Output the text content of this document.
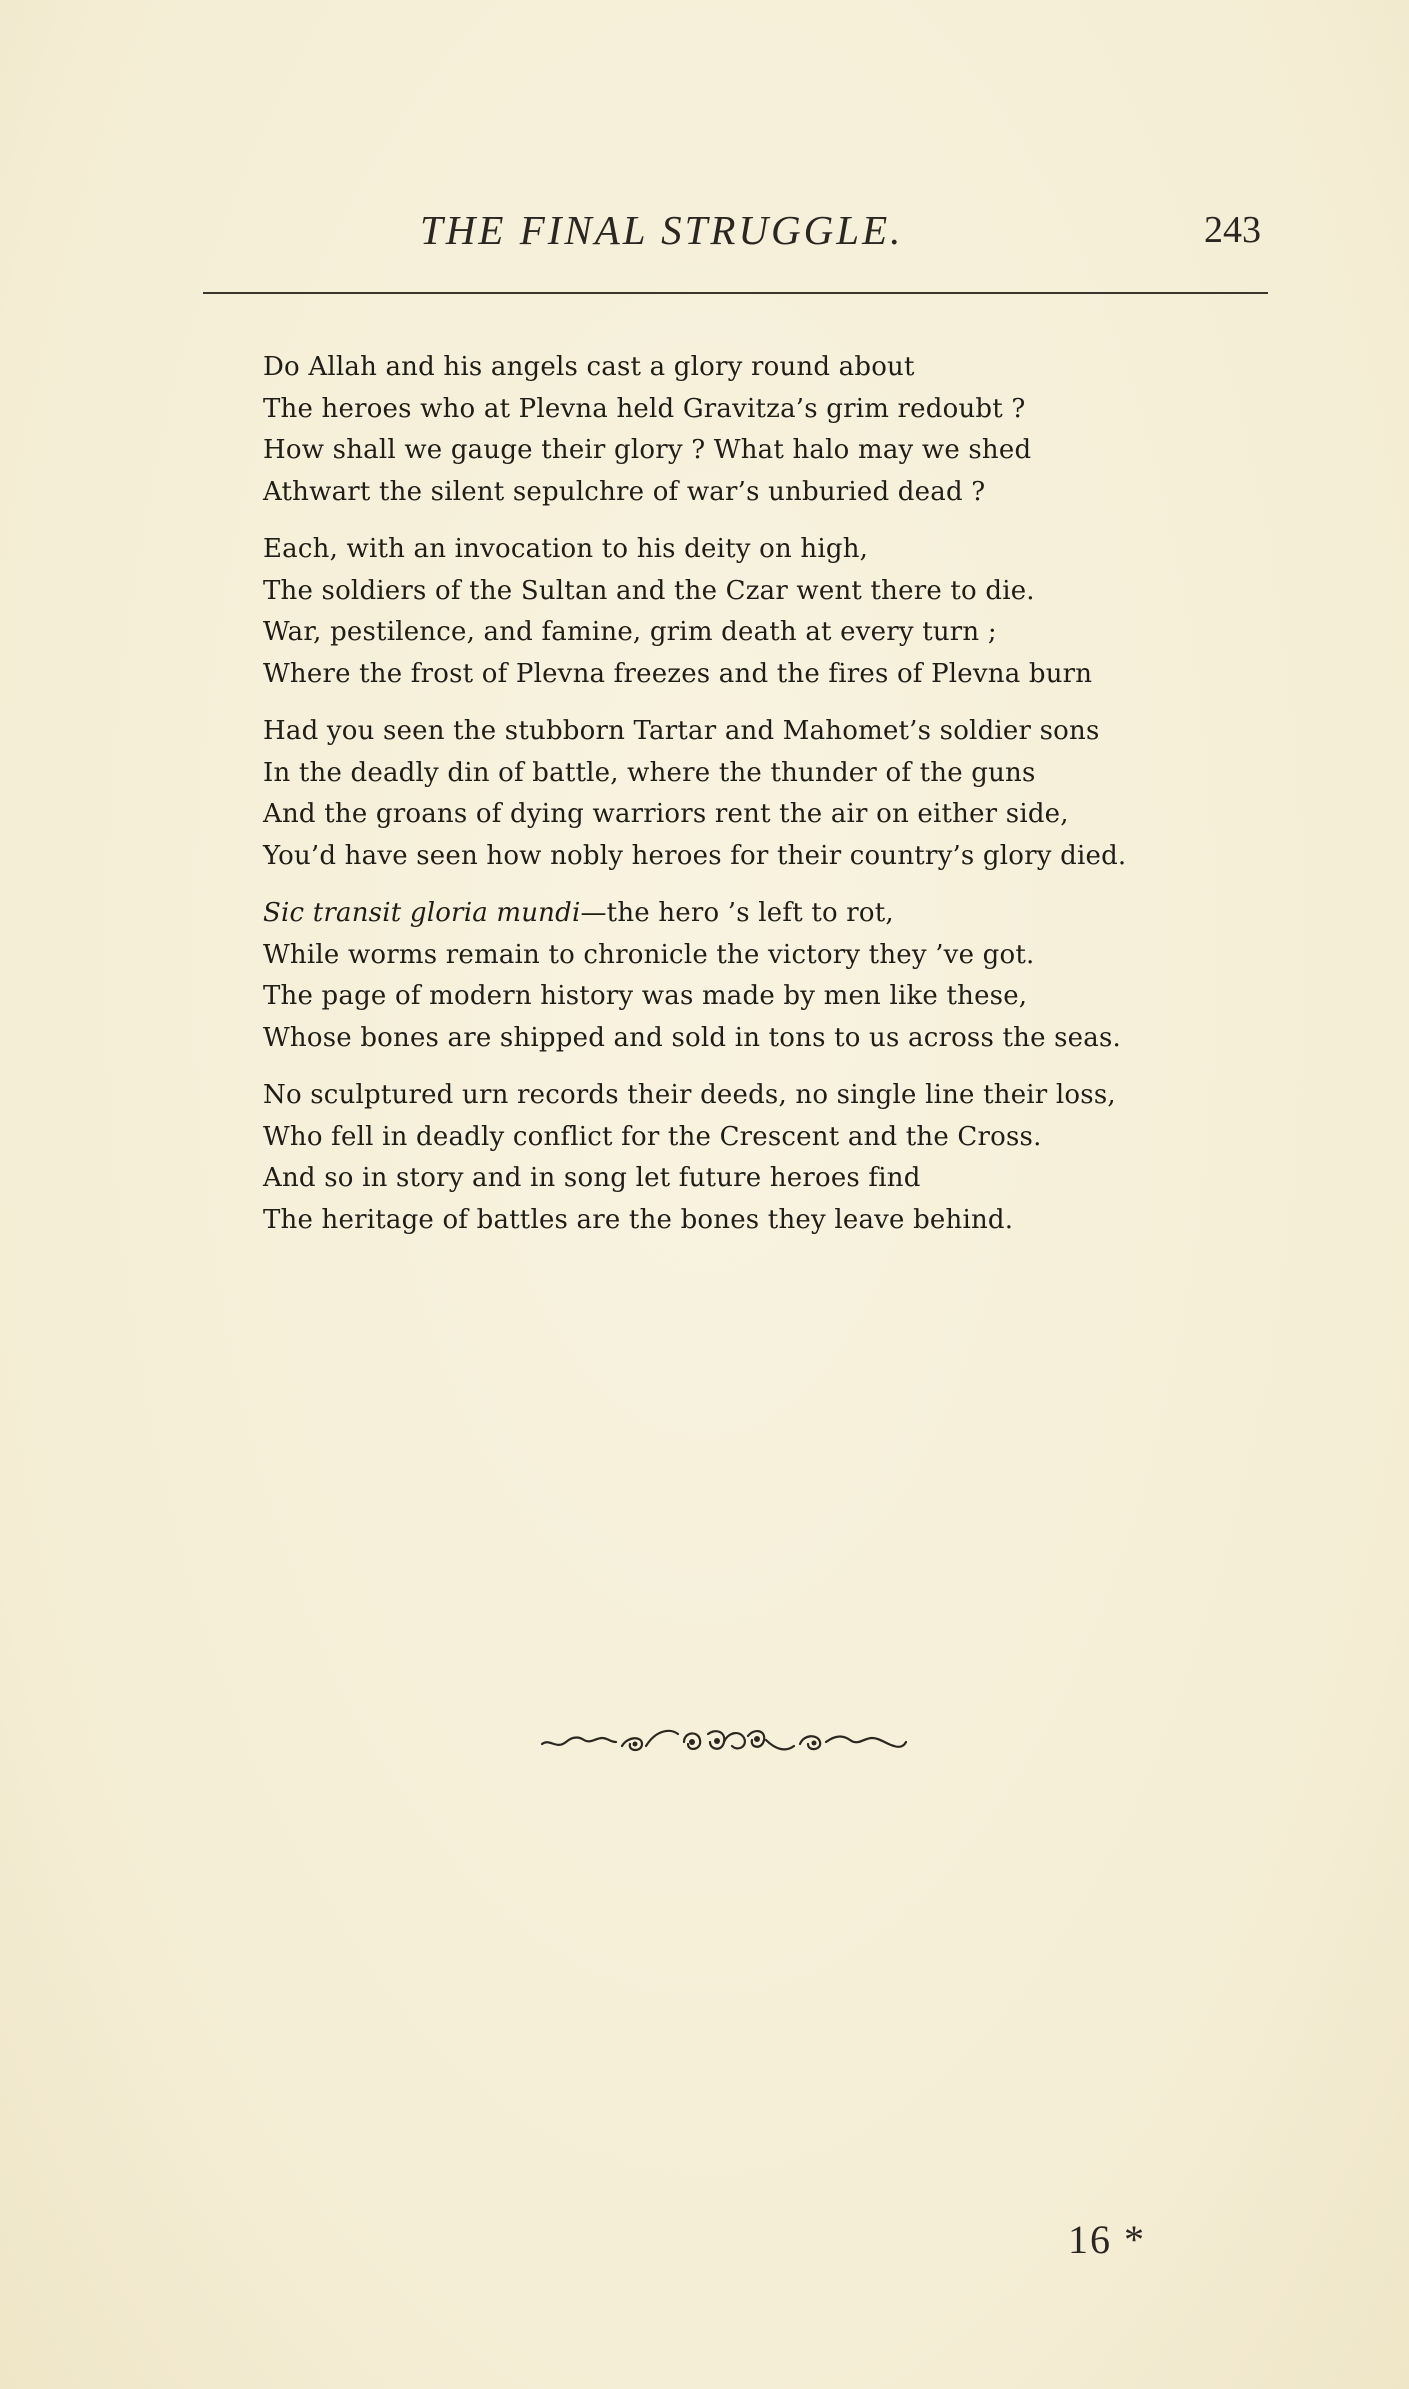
THE FINAL STRUGGLE.	243
Do Allah and his angels cast a glory round about
The heroes who at Plevna held Gravitza’s grim redoubt ?
How shall we gauge their glory ? What halo may we shed
Athwart the silent sepulchre of war’s unburied dead ?
Each, with an invocation to his deity on high,
The soldiers of the Sultan and the Czar went there to die.
War, pestilence, and famine, grim death at every turn ;
Where the frost of Plevna freezes and the fires of Plevna burn
Had you seen the stubborn Tartar and Mahomet’s soldier sons
In the deadly din of battle, where the thunder of the guns
And the groans of dying warriors rent the air on either side,
You’d have seen how nobly heroes for their country’s glory died.
Sic transit gloria mundi—the hero ’s left to rot,
While worms remain to chronicle the victory they ’ve got.
The page of modern history was made by men like these,
Whose bones are shipped and sold in tons to us across the seas.
No sculptured urn records their deeds, no single line their loss,
Who fell in deadly conflict for the Crescent and the Cross.
And so in story and in song let future heroes find
The heritage of battles are the bones they leave behind.
16 *
